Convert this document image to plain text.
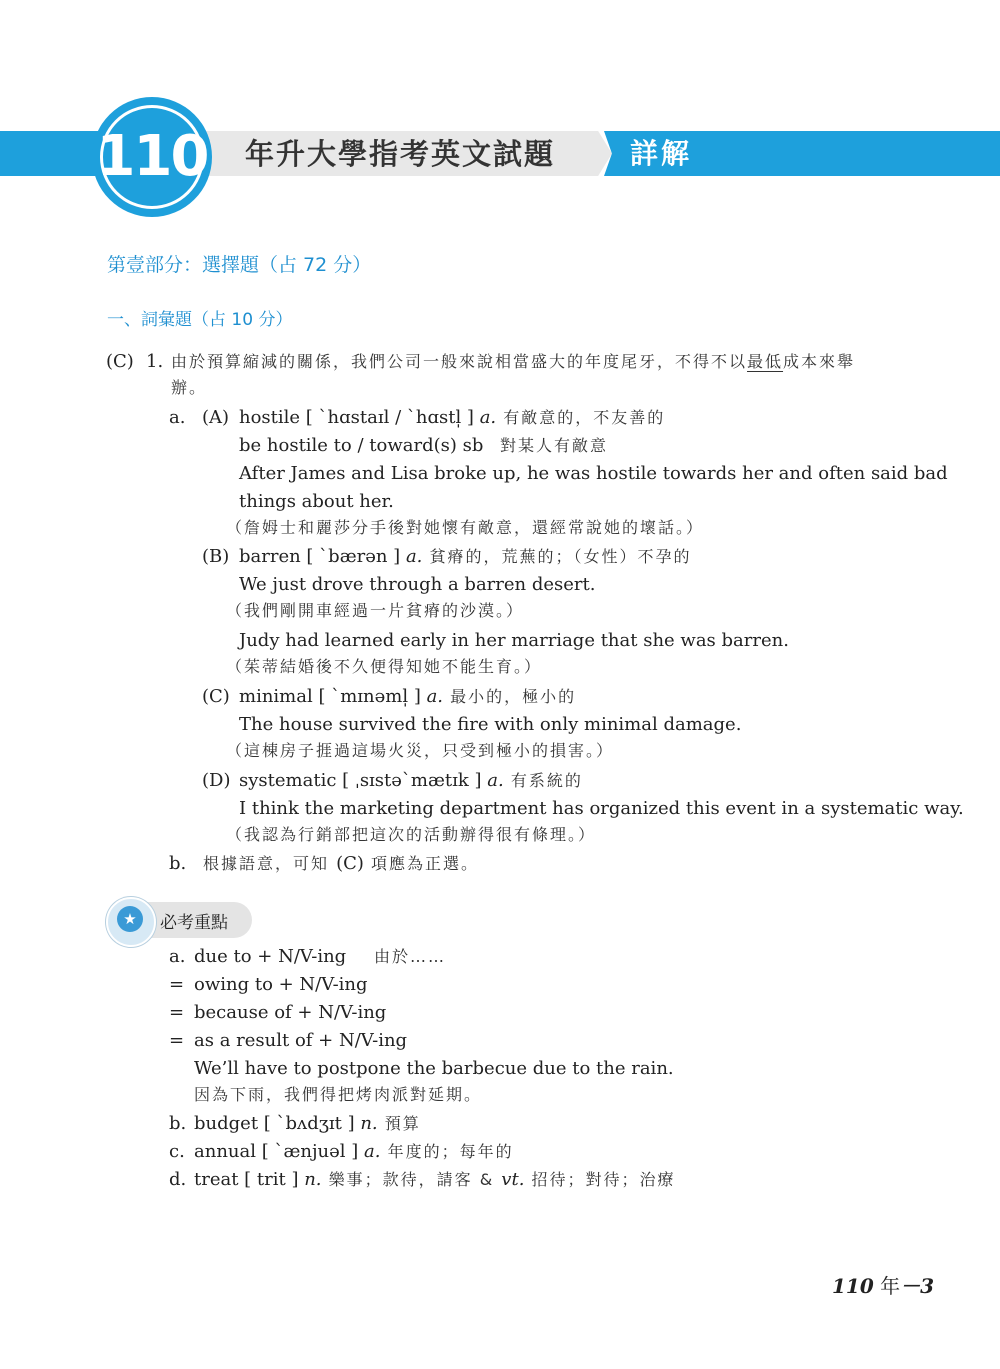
110 年升大學指考英文試題	詳解
第壹部分：選擇題（占 72 分）
一、詞彙題（占 10 分）
(C) 1. 由於預算縮減的關係，我們公司一般來說相當盛大的年度尾牙，不得不以最低成本來舉
辦。
a. (A) hostile [ ˋhɑstaɪl / ˋhɑstl̩ ] a. 有敵意的，不友善的
be hostile to / toward(s) sb 對某人有敵意
After James and Lisa broke up, he was hostile towards her and often said bad
things about her.
（詹姆士和麗莎分手後對她懷有敵意，還經常說她的壞話。）
(B) barren [ ˋbærən ] a. 貧瘠的，荒蕪的；（女性）不孕的
We just drove through a barren desert.
（我們剛開車經過一片貧瘠的沙漠。）
Judy had learned early in her marriage that she was barren.
（茱蒂結婚後不久便得知她不能生育。）
(C) minimal [ ˋmɪnəml̩ ] a. 最小的，極小的
The house survived the fire with only minimal damage.
（這棟房子捱過這場火災，只受到極小的損害。）
(D) systematic [ ˌsɪstəˋmætɪk ] a. 有系統的
I think the marketing department has organized this event in a systematic way.
（我認為行銷部把這次的活動辦得很有條理。）
b. 根據語意，可知 (C) 項應為正選。
★	必考重點
a. due to + N/V-ing 由於……
= owing to + N/V-ing
= because of + N/V-ing
= as a result of + N/V-ing
We’ll have to postpone the barbecue due to the rain.
因為下雨，我們得把烤肉派對延期。
b. budget [ ˋbʌdʒɪt ] n. 預算
c. annual [ ˋænjuəl ] a. 年度的；每年的
d. treat [ trit ] n. 樂事；款待，請客 & vt. 招待；對待；治療
110 年－3
